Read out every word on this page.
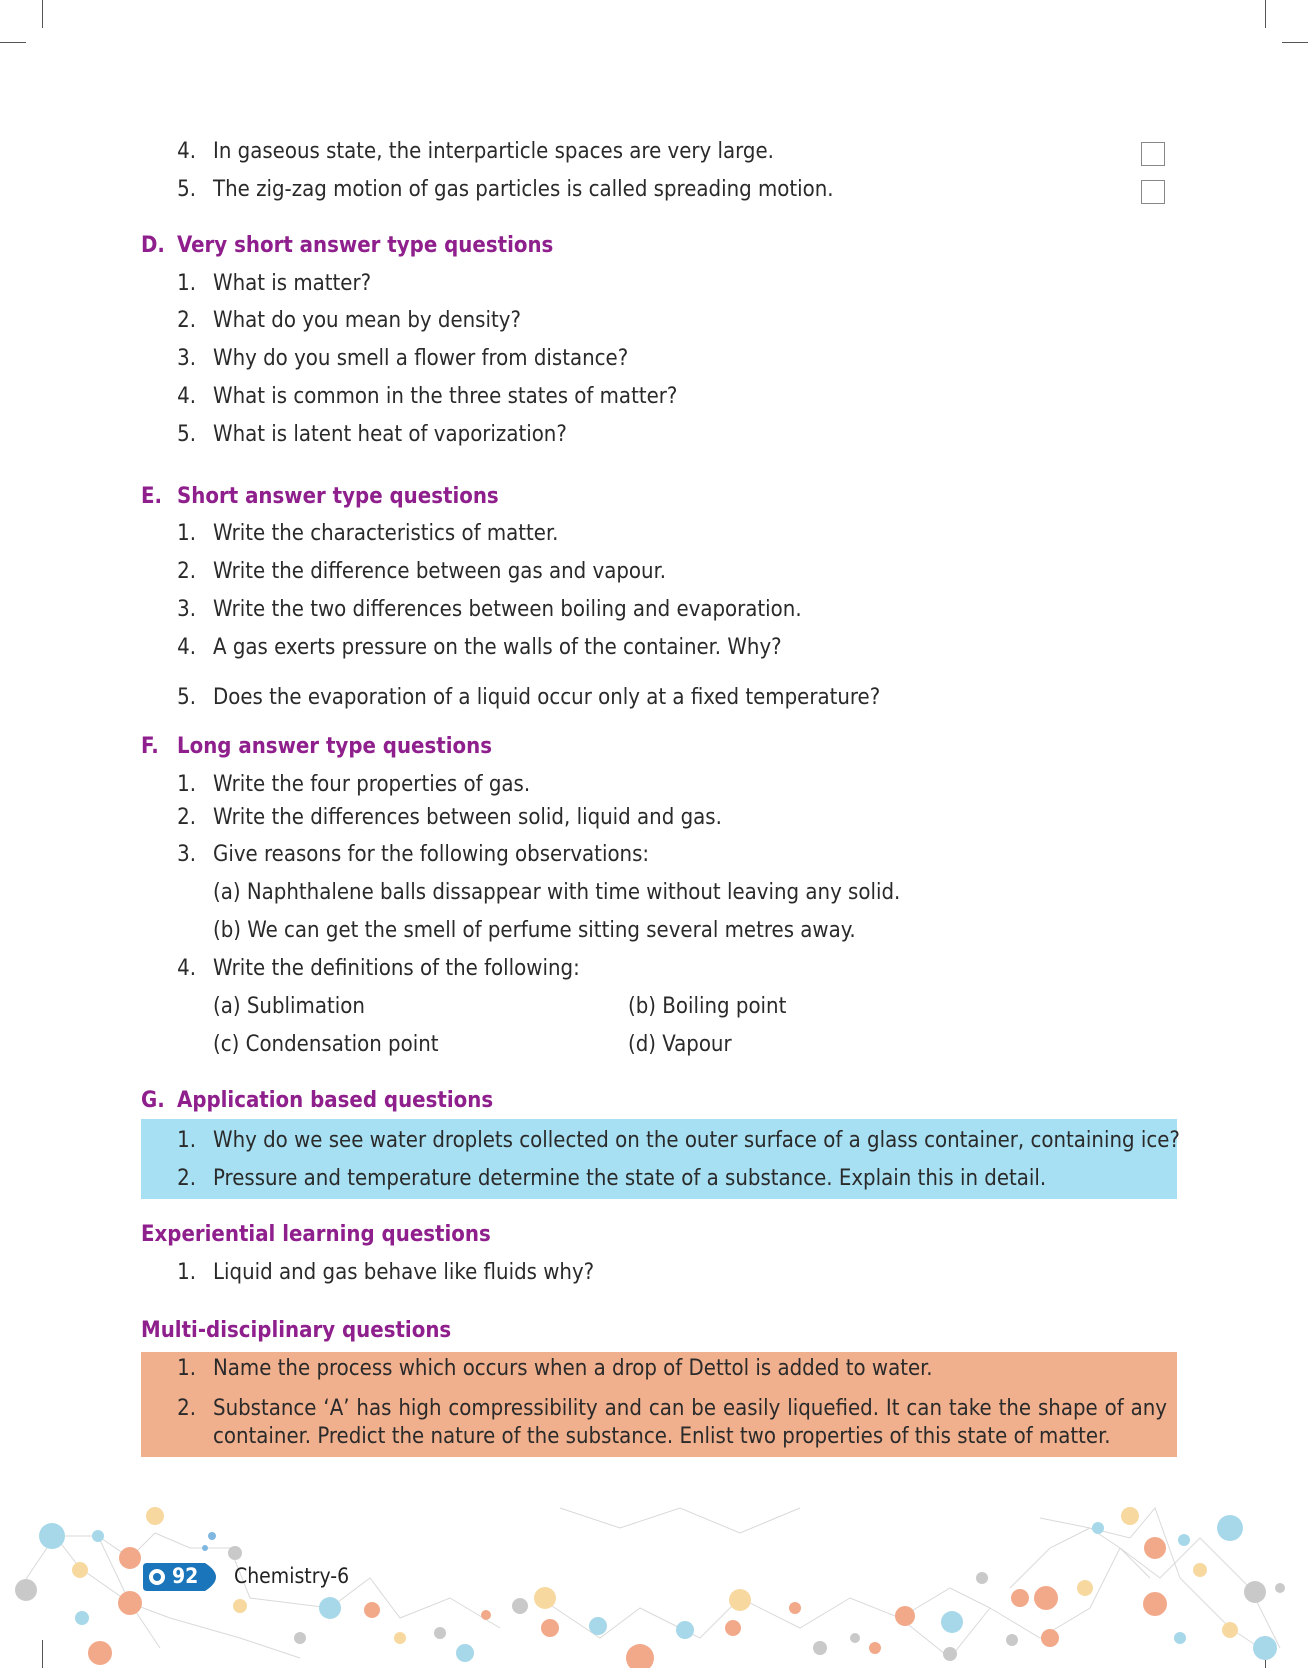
4. In gaseous state, the interparticle spaces are very large.
5. The zig-zag motion of gas particles is called spreading motion.
D. Very short answer type questions
1. What is matter?
2. What do you mean by density?
3. Why do you smell a flower from distance?
4. What is common in the three states of matter?
5. What is latent heat of vaporization?
E. Short answer type questions
1. Write the characteristics of matter.
2. Write the difference between gas and vapour.
3. Write the two differences between boiling and evaporation.
4. A gas exerts pressure on the walls of the container. Why?
5. Does the evaporation of a liquid occur only at a fixed temperature?
F. Long answer type questions
1. Write the four properties of gas.
2. Write the differences between solid, liquid and gas.
3. Give reasons for the following observations:
(a) Naphthalene balls dissappear with time without leaving any solid.
(b) We can get the smell of perfume sitting several metres away.
4. Write the definitions of the following:
(a) Sublimation	(b) Boiling point
(c) Condensation point	(d) Vapour
G. Application based questions
1. Why do we see water droplets collected on the outer surface of a glass container, containing ice?
2. Pressure and temperature determine the state of a substance. Explain this in detail.
Experiential learning questions
1. Liquid and gas behave like fluids why?
Multi-disciplinary questions
1. Name the process which occurs when a drop of Dettol is added to water.
2. Substance ‘A’ has high compressibility and can be easily liquefied. It can take the shape of any container. Predict the nature of the substance. Enlist two properties of this state of matter.
92 Chemistry-6
